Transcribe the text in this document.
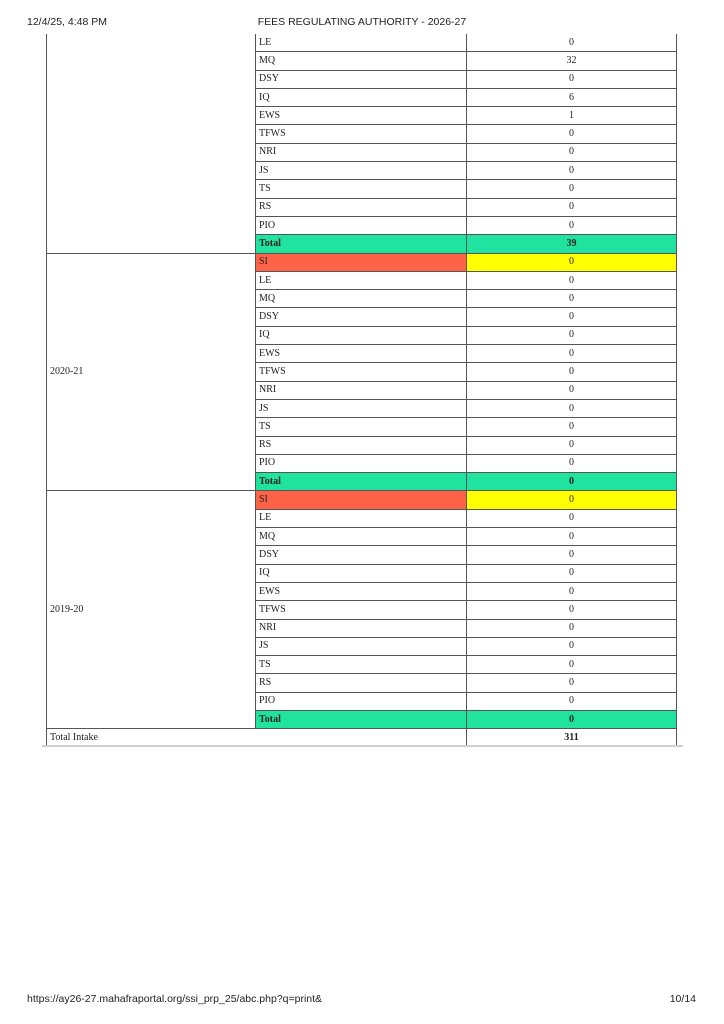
12/4/25, 4:48 PM	FEES REGULATING AUTHORITY - 2026-27
	LE	0
	MQ	32
	DSY	0
	IQ	6
	EWS	1
	TFWS	0
	NRI	0
	JS	0
	TS	0
	RS	0
	PIO	0
	Total	39
2020-21	SI	0
	LE	0
	MQ	0
	DSY	0
	IQ	0
	EWS	0
	TFWS	0
	NRI	0
	JS	0
	TS	0
	RS	0
	PIO	0
	Total	0
2019-20	SI	0
	LE	0
	MQ	0
	DSY	0
	IQ	0
	EWS	0
	TFWS	0
	NRI	0
	JS	0
	TS	0
	RS	0
	PIO	0
	Total	0
Total Intake		311
https://ay26-27.mahafraportal.org/ssi_prp_25/abc.php?q=print&	10/14
